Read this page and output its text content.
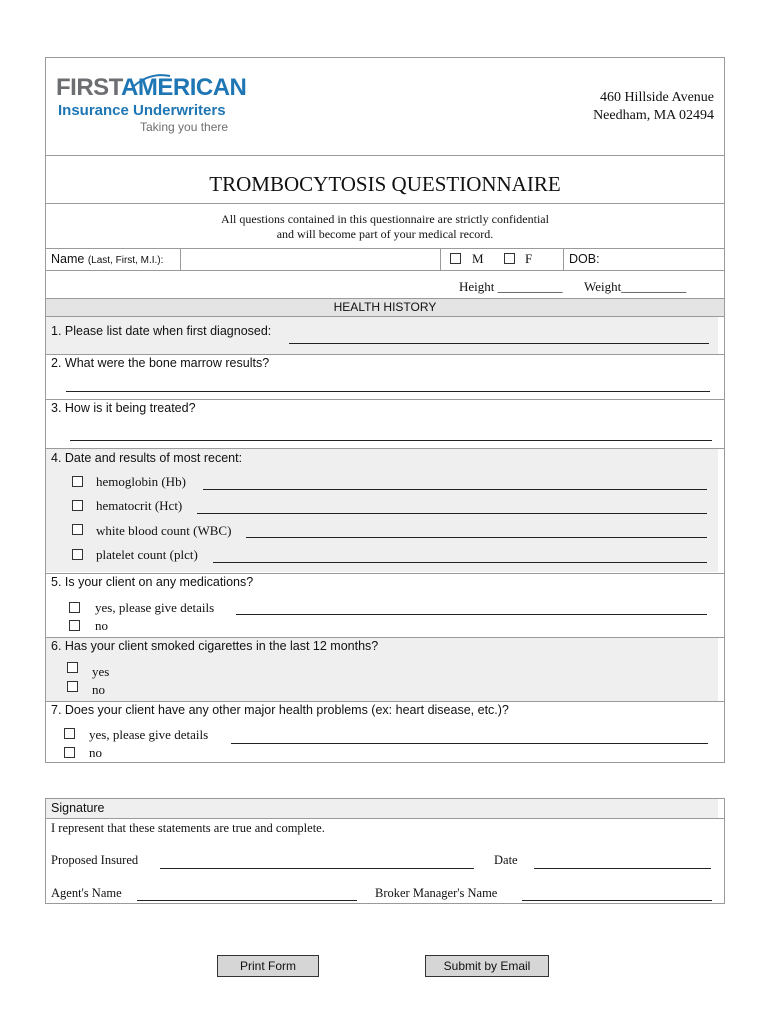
FIRSTAMERICAN
Insurance Underwriters
Taking you there
460 Hillside Avenue
Needham, MA 02494
TROMBOCYTOSIS QUESTIONNAIRE
All questions contained in this questionnaire are strictly confidential
and will become part of your medical record.
Name (Last, First, M.I.):	M	F	DOB:
Height __________ Weight__________
HEALTH HISTORY
1. Please list date when first diagnosed:
2. What were the bone marrow results?
3. How is it being treated?
4. Date and results of most recent:
hemoglobin (Hb)
hematocrit (Hct)
white blood count (WBC)
platelet count (plct)
5. Is your client on any medications?
yes, please give details
no
6. Has your client smoked cigarettes in the last 12 months?
yes
no
7. Does your client have any other major health problems (ex: heart disease, etc.)?
yes, please give details
no
Signature
I represent that these statements are true and complete.
Proposed Insured	Date
Agent's Name	Broker Manager's Name
Print Form	Submit by Email
